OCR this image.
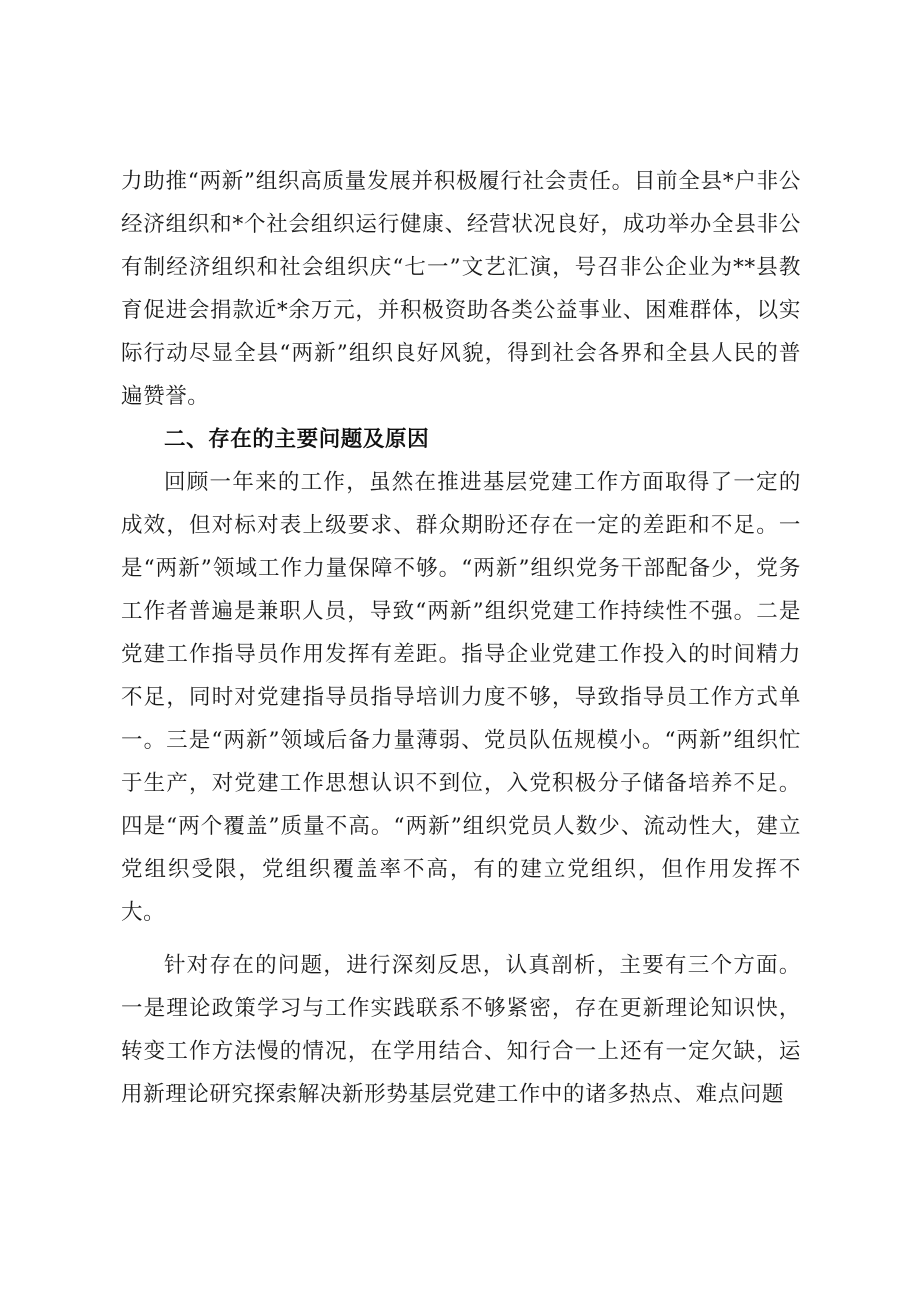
力助推“两新”组织高质量发展并积极履行社会责任。目前全县*户非公经济组织和*个社会组织运行健康、经营状况良好，成功举办全县非公有制经济组织和社会组织庆“七一”文艺汇演，号召非公企业为**县教育促进会捐款近*余万元，并积极资助各类公益事业、困难群体，以实际行动尽显全县“两新”组织良好风貌，得到社会各界和全县人民的普遍赞誉。

二、存在的主要问题及原因

回顾一年来的工作，虽然在推进基层党建工作方面取得了一定的成效，但对标对表上级要求、群众期盼还存在一定的差距和不足。一是“两新”领域工作力量保障不够。“两新”组织党务干部配备少，党务工作者普遍是兼职人员，导致“两新”组织党建工作持续性不强。二是党建工作指导员作用发挥有差距。指导企业党建工作投入的时间精力不足，同时对党建指导员指导培训力度不够，导致指导员工作方式单一。三是“两新”领域后备力量薄弱、党员队伍规模小。“两新”组织忙于生产，对党建工作思想认识不到位，入党积极分子储备培养不足。四是“两个覆盖”质量不高。“两新”组织党员人数少、流动性大，建立党组织受限，党组织覆盖率不高，有的建立党组织，但作用发挥不大。

针对存在的问题，进行深刻反思，认真剖析，主要有三个方面。一是理论政策学习与工作实践联系不够紧密，存在更新理论知识快，转变工作方法慢的情况，在学用结合、知行合一上还有一定欠缺，运用新理论研究探索解决新形势基层党建工作中的诸多热点、难点问题
